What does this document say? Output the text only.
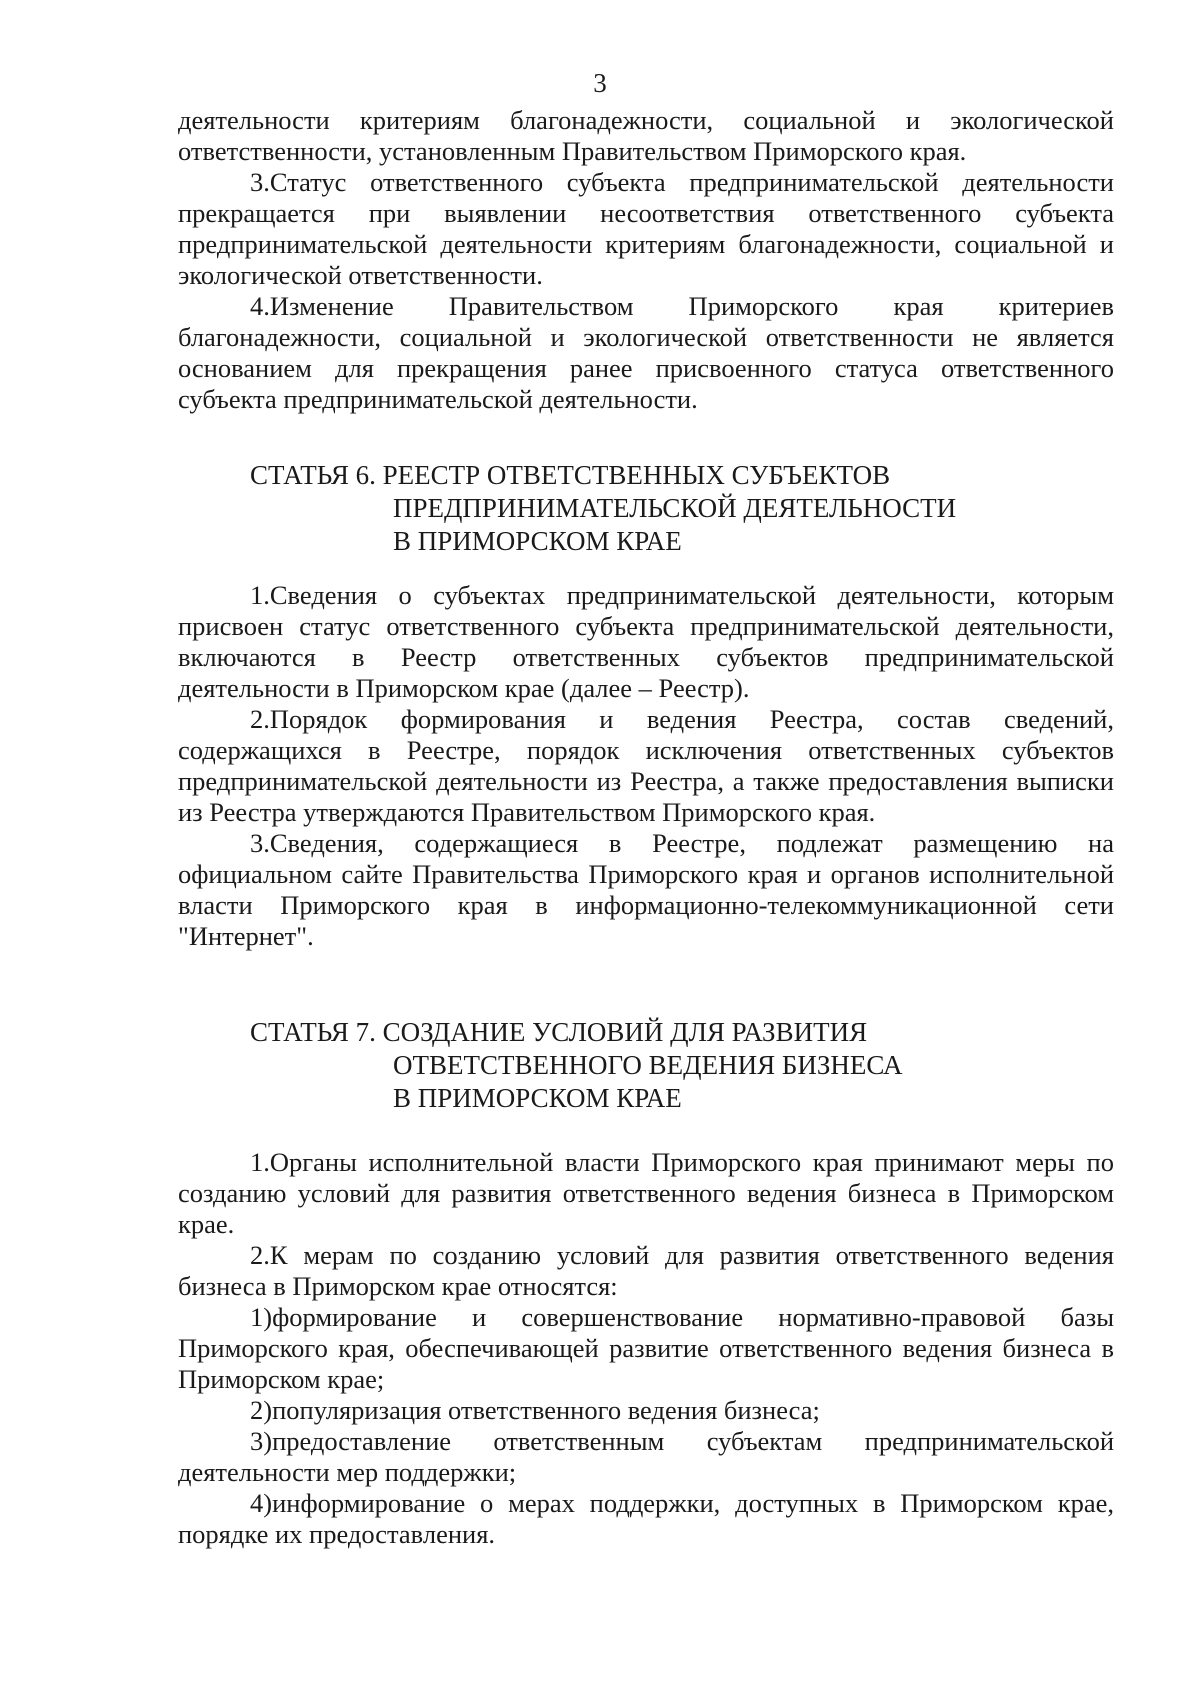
3

деятельности критериям благонадежности, социальной и экологической ответственности, установленным Правительством Приморского края.

3.Статус ответственного субъекта предпринимательской деятельности прекращается при выявлении несоответствия ответственного субъекта предпринимательской деятельности критериям благонадежности, социальной и экологической ответственности.

4.Изменение Правительством Приморского края критериев благонадежности, социальной и экологической ответственности не является основанием для прекращения ранее присвоенного статуса ответственного субъекта предпринимательской деятельности.

СТАТЬЯ 6. РЕЕСТР ОТВЕТСТВЕННЫХ СУБЪЕКТОВ
ПРЕДПРИНИМАТЕЛЬСКОЙ ДЕЯТЕЛЬНОСТИ
В ПРИМОРСКОМ КРАЕ

1.Сведения о субъектах предпринимательской деятельности, которым присвоен статус ответственного субъекта предпринимательской деятельности, включаются в Реестр ответственных субъектов предпринимательской деятельности в Приморском крае (далее – Реестр).

2.Порядок формирования и ведения Реестра, состав сведений, содержащихся в Реестре, порядок исключения ответственных субъектов предпринимательской деятельности из Реестра, а также предоставления выписки из Реестра утверждаются Правительством Приморского края.

3.Сведения, содержащиеся в Реестре, подлежат размещению на официальном сайте Правительства Приморского края и органов исполнительной власти Приморского края в информационно-телекоммуникационной сети "Интернет".

СТАТЬЯ 7. СОЗДАНИЕ УСЛОВИЙ ДЛЯ РАЗВИТИЯ
ОТВЕТСТВЕННОГО ВЕДЕНИЯ БИЗНЕСА
В ПРИМОРСКОМ КРАЕ

1.Органы исполнительной власти Приморского края принимают меры по созданию условий для развития ответственного ведения бизнеса в Приморском крае.

2.К мерам по созданию условий для развития ответственного ведения бизнеса в Приморском крае относятся:

1)формирование и совершенствование нормативно-правовой базы Приморского края, обеспечивающей развитие ответственного ведения бизнеса в Приморском крае;

2)популяризация ответственного ведения бизнеса;

3)предоставление ответственным субъектам предпринимательской деятельности мер поддержки;

4)информирование о мерах поддержки, доступных в Приморском крае, порядке их предоставления.
